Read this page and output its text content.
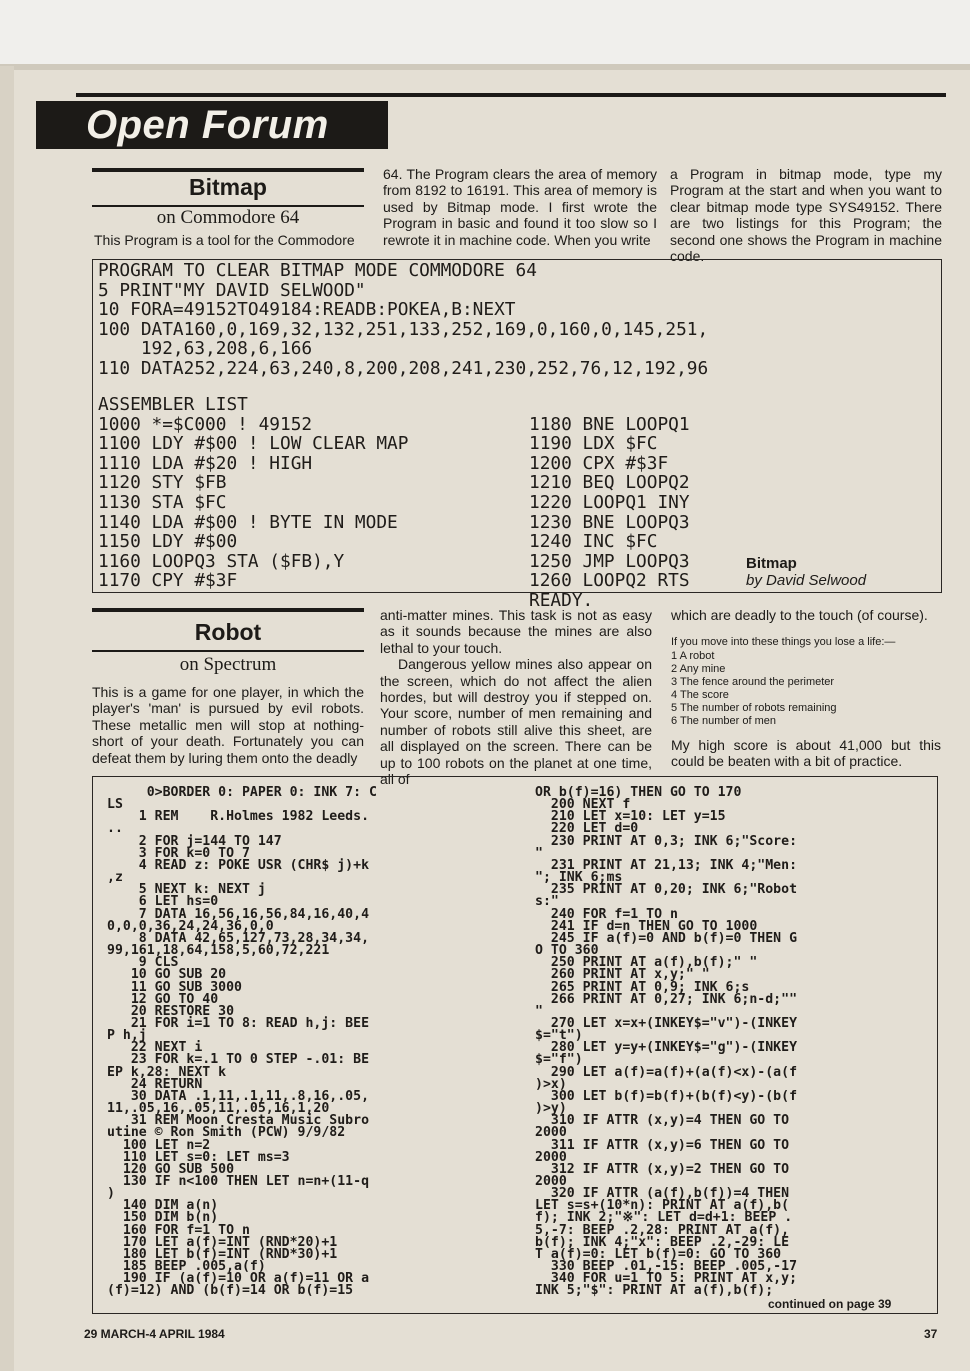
Open Forum
Bitmap
on Commodore 64

This Program is a tool for the Commodore

64. The Program clears the area of memory from 8192 to 16191. This area of memory is used by Bitmap mode. I first wrote the Program in basic and found it too slow so I rewrote it in machine code. When you write

a Program in bitmap mode, type my Program at the start and when you want to clear bitmap mode type SYS49152. There are two listings for this Program; the second one shows the Program in machine code.

PROGRAM TO CLEAR BITMAP MODE COMMODORE 64
5 PRINT"MY DAVID SELWOOD"
10 FORA=49152TO49184:READB:POKEA,B:NEXT
100 DATA160,0,169,32,132,251,133,252,169,0,160,0,145,251,
192,63,208,6,166
110 DATA252,224,63,240,8,200,208,241,230,252,76,12,192,96
ASSEMBLER LIST
1000 *=$C000 ! 49152
1100 LDY #$00 ! LOW CLEAR MAP
1110 LDA #$20 ! HIGH
1120 STY $FB
1130 STA $FC
1140 LDA #$00 ! BYTE IN MODE
1150 LDY #$00
1160 LOOPQ3 STA ($FB),Y
1170 CPY #$3F

1180 BNE LOOPQ1
1190 LDX $FC
1200 CPX #$3F
1210 BEQ LOOPQ2
1220 LOOPQ1 INY
1230 BNE LOOPQ3
1240 INC $FC
1250 JMP LOOPQ3
1260 LOOPQ2 RTS
READY.
Bitmap
by David Selwood
Robot
on Spectrum

This is a game for one player, in which the player's 'man' is pursued by evil robots. These metallic men will stop at nothing- short of your death. Fortunately you can defeat them by luring them onto the deadly

anti-matter mines. This task is not as easy as it sounds because the mines are also lethal to your touch.

Dangerous yellow mines also appear on the screen, which do not affect the alien hordes, but will destroy you if stepped on. Your score, number of men remaining and number of robots still alive this sheet, are all displayed on the screen. There can be up to 100 robots on the planet at one time, all of

which are deadly to the touch (of course).

If you move into these things you lose a life:—

1 A robot
2 Any mine
3 The fence around the perimeter
4 The score
5 The number of robots remaining
6 The number of men

My high score is about 41,000 but this could be beaten with a bit of practice.

0>BORDER 0: PAPER 0: INK 7: C
LS
1 REM    R.Holmes 1982 Leeds.
..
2 FOR j=144 TO 147
3 FOR k=0 TO 7
4 READ z: POKE USR (CHR$ j)+k
,z
5 NEXT k: NEXT j
6 LET hs=0
7 DATA 16,56,16,56,84,16,40,4
0,0,0,36,24,24,36,0,0
8 DATA 42,65,127,73,28,34,34,
99,161,18,64,158,5,60,72,221
9 CLS
10 GO SUB 20
11 GO SUB 3000
12 GO TO 40
20 RESTORE 30
21 FOR i=1 TO 8: READ h,j: BEE
P h,j
22 NEXT i
23 FOR k=.1 TO 0 STEP -.01: BE
EP k,28: NEXT k
24 RETURN
30 DATA .1,11,.1,11,.8,16,.05,
11,.05,16,.05,11,.05,16,1,20
31 REM Moon Cresta Music Subro
utine © Ron Smith (PCW) 9/9/82
100 LET n=2
110 LET s=0: LET ms=3
120 GO SUB 500
130 IF n<100 THEN LET n=n+(11-q
)
140 DIM a(n)
150 DIM b(n)
160 FOR f=1 TO n
170 LET a(f)=INT (RND*20)+1
180 LET b(f)=INT (RND*30)+1
185 BEEP .005,a(f)
190 IF (a(f)=10 OR a(f)=11 OR a
(f)=12) AND (b(f)=14 OR b(f)=15
OR b(f)=16) THEN GO TO 170
200 NEXT f
210 LET x=10: LET y=15
220 LET d=0
230 PRINT AT 0,3; INK 6;"Score:
"
231 PRINT AT 21,13; INK 4;"Men:
"; INK 6;ms
235 PRINT AT 0,20; INK 6;"Robot
s:"
240 FOR f=1 TO n
241 IF d=n THEN GO TO 1000
245 IF a(f)=0 AND b(f)=0 THEN G
O TO 360
250 PRINT AT a(f),b(f);" "
260 PRINT AT x,y;" "
265 PRINT AT 0,9; INK 6;s
266 PRINT AT 0,27; INK 6;n-d;""
"
270 LET x=x+(INKEY$="v")-(INKEY
$="t")
280 LET y=y+(INKEY$="g")-(INKEY
$="f")
290 LET a(f)=a(f)+(a(f)<x)-(a(f
)>x)
300 LET b(f)=b(f)+(b(f)<y)-(b(f
)>y)
310 IF ATTR (x,y)=4 THEN GO TO
2000
311 IF ATTR (x,y)=6 THEN GO TO
2000
312 IF ATTR (x,y)=2 THEN GO TO
2000
320 IF ATTR (a(f),b(f))=4 THEN
LET s=s+(10*n): PRINT AT a(f),b(
f); INK 2;"※": LET d=d+1: BEEP .
5,-7: BEEP .2,28: PRINT AT a(f),
b(f); INK 4;"x": BEEP .2,-29: LE
T a(f)=0: LET b(f)=0: GO TO 360
330 BEEP .01,-15: BEEP .005,-17
340 FOR u=1 TO 5: PRINT AT x,y;
INK 5;"$": PRINT AT a(f),b(f);
continued on page 39
29 MARCH-4 APRIL 1984	37
